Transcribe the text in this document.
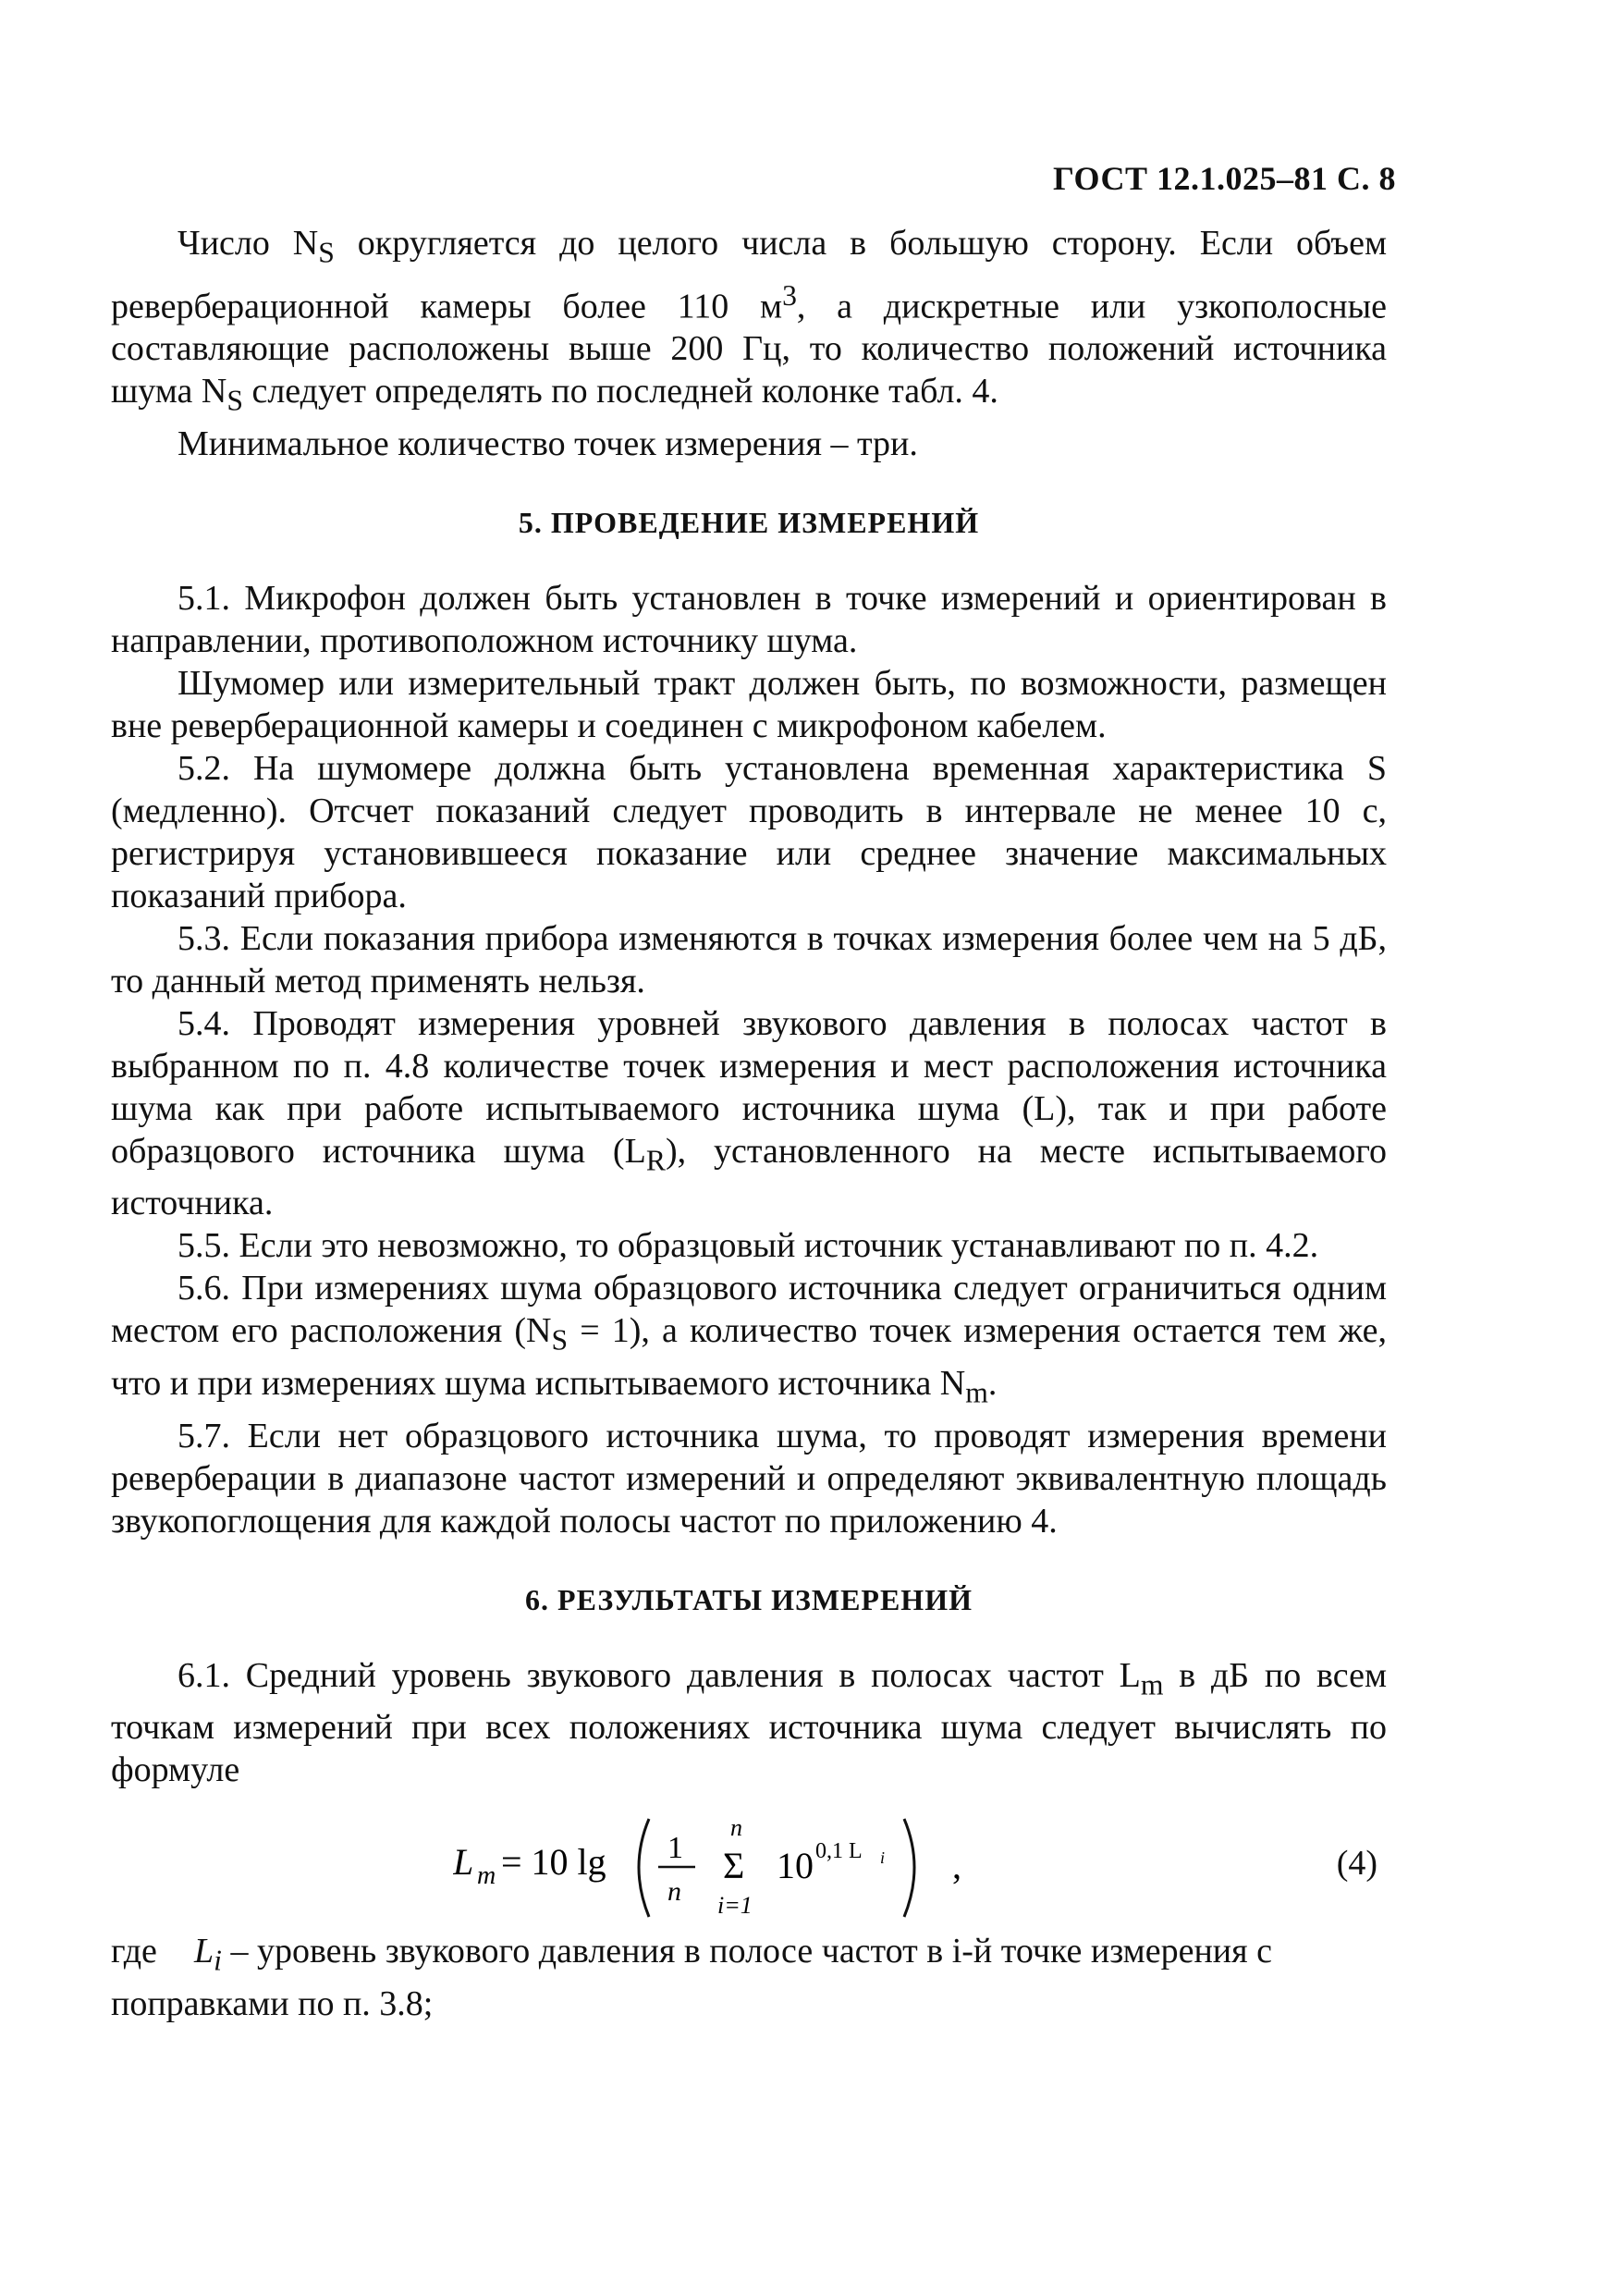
ГОСТ 12.1.025–81 С. 8

Число $N_S$ округляется до целого числа в большую сторону. Если объем реверберационной камеры более 110 $м^3$, а дискретные или узкополосные составляющие расположены выше 200 Гц, то количество положений источника шума $N_S$ следует определять по последней колонке табл. 4.

Минимальное количество точек измерения – три.

5. ПРОВЕДЕНИЕ ИЗМЕРЕНИЙ

5.1. Микрофон должен быть установлен в точке измерений и ориентирован в направлении, противоположном источнику шума.

Шумомер или измерительный тракт должен быть, по возможности, размещен вне реверберационной камеры и соединен с микрофоном кабелем.

5.2. На шумомере должна быть установлена временная характеристика S (медленно). Отсчет показаний следует проводить в интервале не менее 10 с, регистрируя установившееся показание или среднее значение максимальных показаний прибора.

5.3. Если показания прибора изменяются в точках измерения более чем на 5 дБ, то данный метод применять нельзя.

5.4. Проводят измерения уровней звукового давления в полосах частот в выбранном по п. 4.8 количестве точек измерения и мест расположения источника шума как при работе испытываемого источника шума (L), так и при работе образцового источника шума $(L_R)$, установленного на месте испытываемого источника.

5.5. Если это невозможно, то образцовый источник устанавливают по п. 4.2.

5.6. При измерениях шума образцового источника следует ограничиться одним местом его расположения $(N_S = 1)$, а количество точек измерения остается тем же, что и при измерениях шума испытываемого источника $N_m$.

5.7. Если нет образцового источника шума, то проводят измерения времени реверберации в диапазоне частот измерений и определяют эквивалентную площадь звукопоглощения для каждой полосы частот по приложению 4.

6. РЕЗУЛЬТАТЫ ИЗМЕРЕНИЙ

6.1. Средний уровень звукового давления в полосах частот $L_m$ в дБ по всем точкам измерений при всех положениях источника шума следует вычислять по формуле

L m = 10 lg 1
n
n
Σ
i=1
10 0,1 L i ,	(4)
где $L_i$ – уровень звукового давления в полосе частот в i-й точке измерения с поправками по п. 3.8;
